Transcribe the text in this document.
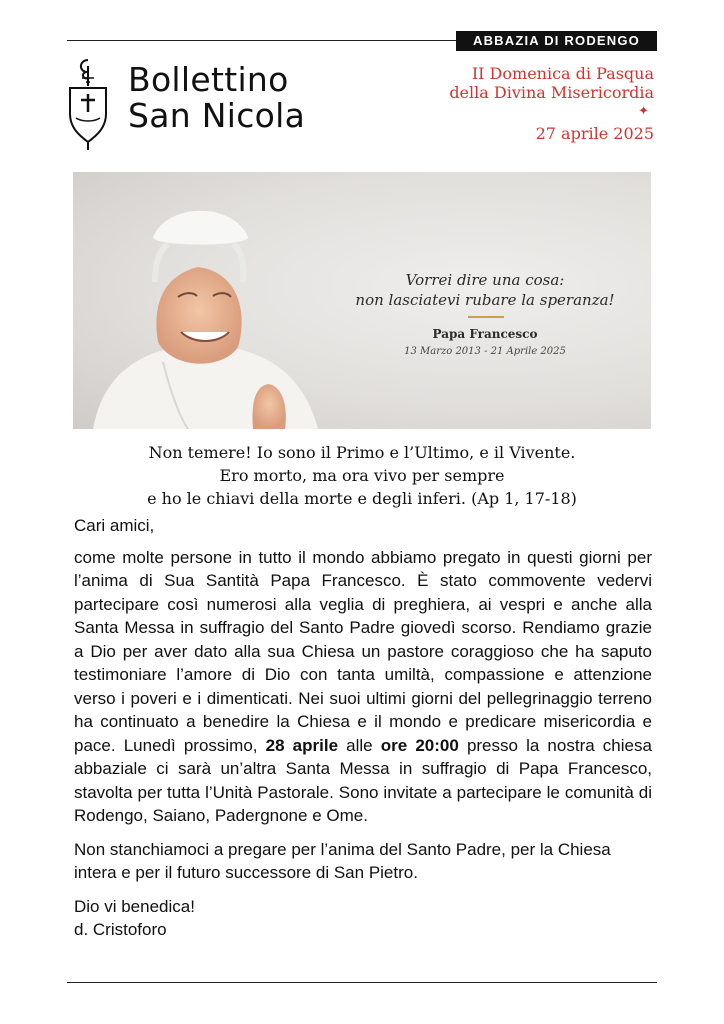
ABBAZIA DI RODENGO
Bollettino
San Nicola
II Domenica di Pasqua
della Divina Misericordia
✦
27 aprile 2025
Vorrei dire una cosa:
non lasciatevi rubare la speranza!
Papa Francesco
13 Marzo 2013 - 21 Aprile 2025
Non temere! Io sono il Primo e l’Ultimo, e il Vivente.
Ero morto, ma ora vivo per sempre
e ho le chiavi della morte e degli inferi. (Ap 1, 17-18)

Cari amici,

come molte persone in tutto il mondo abbiamo pregato in questi giorni per l’anima di Sua Santità Papa Francesco. È stato commovente vedervi partecipare così numerosi alla veglia di preghiera, ai vespri e anche alla Santa Messa in suffragio del Santo Padre giovedì scorso. Rendiamo grazie a Dio per aver dato alla sua Chiesa un pastore coraggioso che ha saputo testimoniare l’amore di Dio con tanta umiltà, compassione e attenzione verso i poveri e i dimenticati. Nei suoi ultimi giorni del pellegrinaggio terreno ha continuato a benedire la Chiesa e il mondo e predicare misericordia e pace. Lunedì prossimo, 28 aprile alle ore 20:00 presso la nostra chiesa abbaziale ci sarà un’altra Santa Messa in suffragio di Papa Francesco, stavolta per tutta l’Unità Pastorale. Sono invitate a partecipare le comunità di Rodengo, Saiano, Padergnone e Ome.

Non stanchiamoci a pregare per l’anima del Santo Padre, per la Chiesa intera e per il futuro successore di San Pietro.

Dio vi benedica!

d. Cristoforo
